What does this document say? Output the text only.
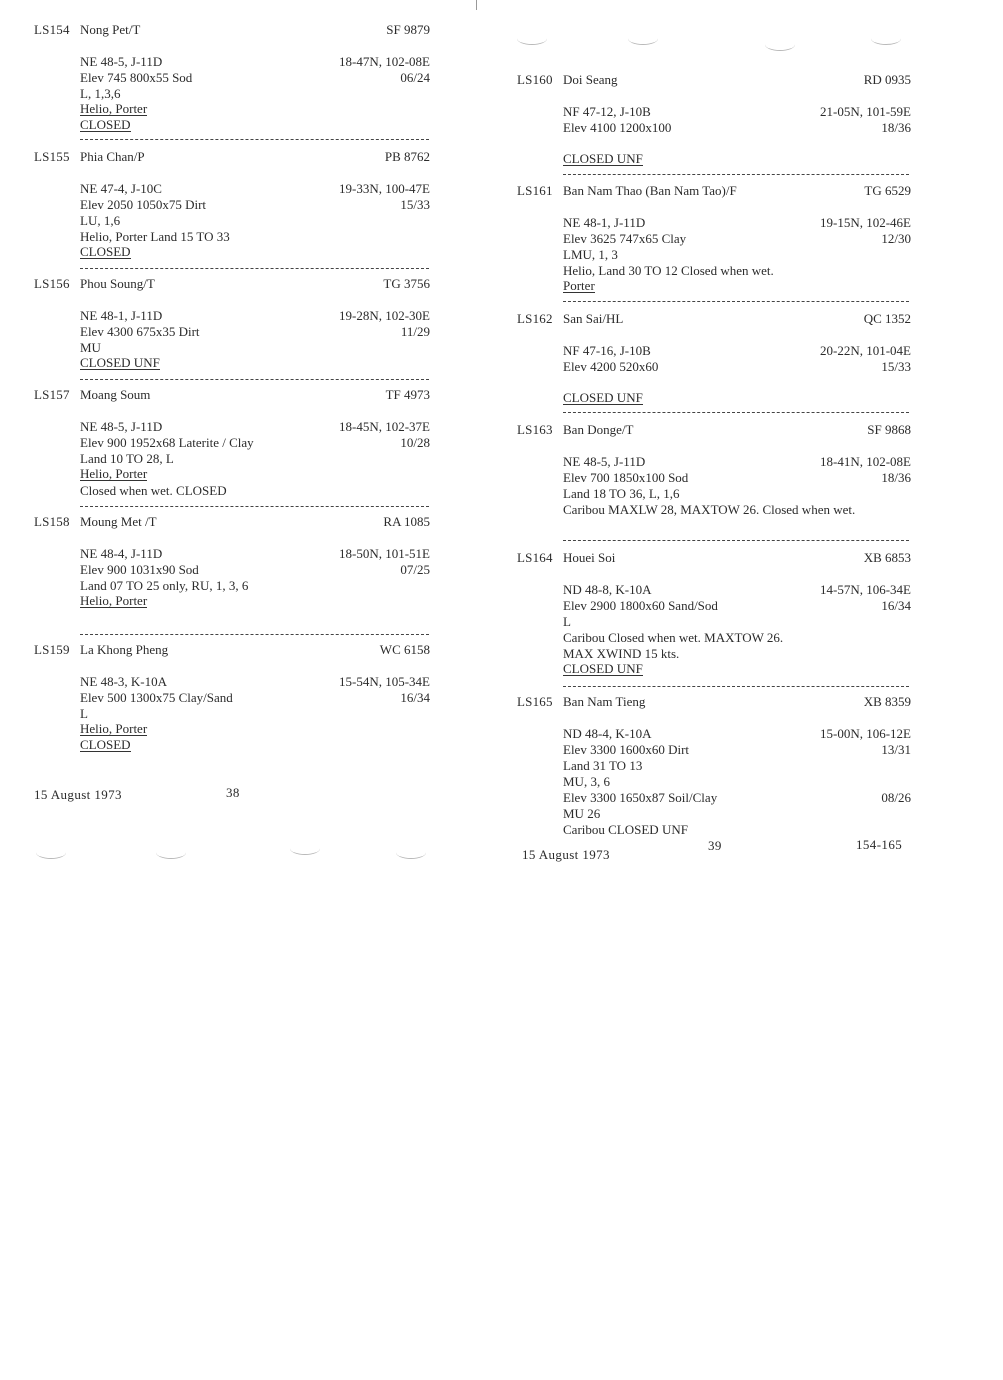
LS154 Nong Pet/T	SF 9879
NE 48-5, J-11D	18-47N, 102-08E
Elev 745 800x55 Sod	06/24
L, 1,3,6
Helio, Porter
CLOSED
LS155 Phia Chan/P	PB 8762
NE 47-4, J-10C	19-33N, 100-47E
Elev 2050 1050x75 Dirt	15/33
LU, 1,6
Helio, Porter Land 15 TO 33
CLOSED
LS156 Phou Soung/T	TG 3756
NE 48-1, J-11D	19-28N, 102-30E
Elev 4300 675x35 Dirt	11/29
MU
CLOSED UNF
LS157 Moang Soum	TF 4973
NE 48-5, J-11D	18-45N, 102-37E
Elev 900 1952x68 Laterite / Clay	10/28
Land 10 TO 28, L
Helio, Porter
Closed when wet. CLOSED
LS158 Moung Met /T	RA 1085
NE 48-4, J-11D	18-50N, 101-51E
Elev 900 1031x90 Sod	07/25
Land 07 TO 25 only, RU, 1, 3, 6
Helio, Porter
LS159 La Khong Pheng	WC 6158
NE 48-3, K-10A	15-54N, 105-34E
Elev 500 1300x75 Clay/Sand	16/34
L
Helio, Porter
CLOSED
15 August 1973	38
LS160 Doi Seang	RD 0935
NF 47-12, J-10B	21-05N, 101-59E
Elev 4100 1200x100	18/36
CLOSED UNF
LS161 Ban Nam Thao (Ban Nam Tao)/F	TG 6529
NE 48-1, J-11D	19-15N, 102-46E
Elev 3625 747x65 Clay	12/30
LMU, 1, 3
Helio, Land 30 TO 12 Closed when wet.
Porter
LS162 San Sai/HL	QC 1352
NF 47-16, J-10B	20-22N, 101-04E
Elev 4200 520x60	15/33
CLOSED UNF
LS163 Ban Donge/T	SF 9868
NE 48-5, J-11D	18-41N, 102-08E
Elev 700 1850x100 Sod	18/36
Land 18 TO 36, L, 1,6
Caribou MAXLW 28, MAXTOW 26. Closed when wet.
LS164 Houei Soi	XB 6853
ND 48-8, K-10A	14-57N, 106-34E
Elev 2900 1800x60 Sand/Sod	16/34
L
Caribou Closed when wet. MAXTOW 26.
MAX XWIND 15 kts.
CLOSED UNF
LS165 Ban Nam Tieng	XB 8359
ND 48-4, K-10A	15-00N, 106-12E
Elev 3300 1600x60 Dirt	13/31
Land 31 TO 13
MU, 3, 6
Elev 3300 1650x87 Soil/Clay	08/26
MU 26
Caribou CLOSED UNF
39
15 August 1973
154-165
